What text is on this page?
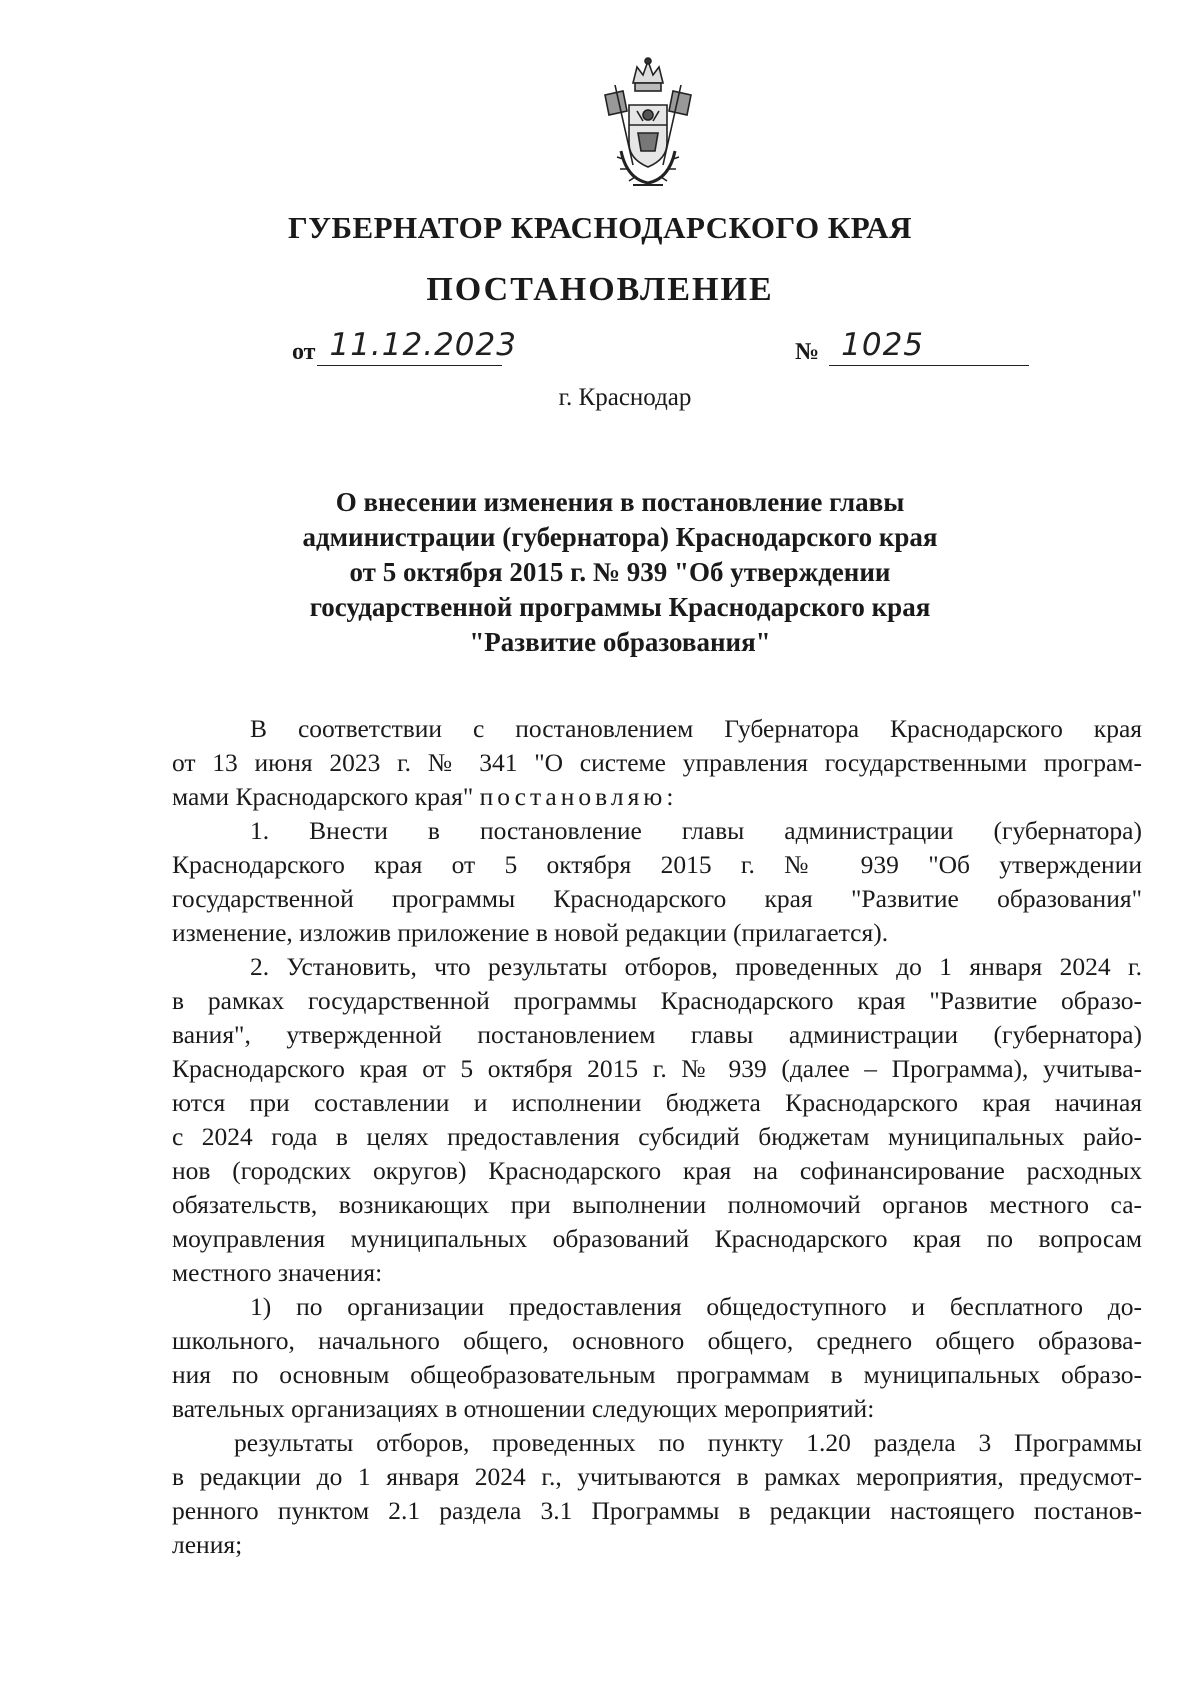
ГУБЕРНАТОР КРАСНОДАРСКОГО КРАЯ
ПОСТАНОВЛЕНИЕ
от 11.12.2023	№ 1025
г. Краснодар
О внесении изменения в постановление главы
администрации (губернатора) Краснодарского края
от 5 октября 2015 г. № 939 "Об утверждении
государственной программы Краснодарского края
"Развитие образования"
В соответствии с постановлением Губернатора Краснодарского края
от 13 июня 2023 г. № 341 "О системе управления государственными програм-
мами Краснодарского края" постановляю:
1. Внести в постановление главы администрации (губернатора)
Краснодарского края от 5 октября 2015 г. № 939 "Об утверждении
государственной программы Краснодарского края "Развитие образования"
изменение, изложив приложение в новой редакции (прилагается).
2. Установить, что результаты отборов, проведенных до 1 января 2024 г.
в рамках государственной программы Краснодарского края "Развитие образо-
вания", утвержденной постановлением главы администрации (губернатора)
Краснодарского края от 5 октября 2015 г. № 939 (далее – Программа), учитыва-
ются при составлении и исполнении бюджета Краснодарского края начиная
с 2024 года в целях предоставления субсидий бюджетам муниципальных райо-
нов (городских округов) Краснодарского края на софинансирование расходных
обязательств, возникающих при выполнении полномочий органов местного са-
моуправления муниципальных образований Краснодарского края по вопросам
местного значения:
1) по организации предоставления общедоступного и бесплатного до-
школьного, начального общего, основного общего, среднего общего образова-
ния по основным общеобразовательным программам в муниципальных образо-
вательных организациях в отношении следующих мероприятий:
результаты отборов, проведенных по пункту 1.20 раздела 3 Программы
в редакции до 1 января 2024 г., учитываются в рамках мероприятия, предусмот-
ренного пунктом 2.1 раздела 3.1 Программы в редакции настоящего постанов-
ления;
